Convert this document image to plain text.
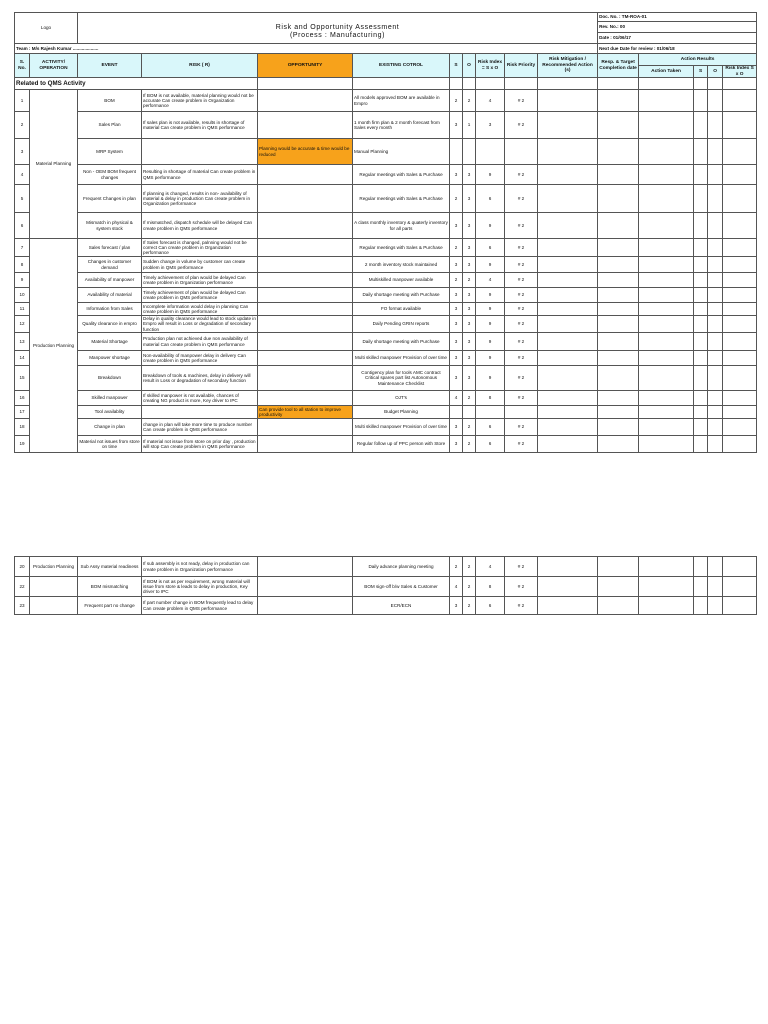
Logo											Doc. No. : TM-ROA-01				

		Risk and Opportunity Assessment
(Process : Manufacturing)									Rev. No.: 00				
											Date : 01/06/17				
Team : M/s Rajesh Kumar ....................											Next due Date for review : 01/06/18				
S. No.	ACTIVITY/ OPERATION	EVENT	RISK ( R)	OPPORTUNITY	EXISTING COTROL	S	O	Risk Index = S x O	Risk Priority	Risk Mitigation / Recommended Action (s)	Resp. & Target Completion date	Action Results			
												Action Taken	S	O	Risk Index S x O
Related to QMS Activity															
1	Material Planning	BOM	If BOM is not available, material planning would not be accurate Can create problem in Organization performance		All models approved BOM are available in Empro	2	2	4	# 2						
2		Sales Plan	If sales plan is not available, results in shortage of material Can create problem in QMS performance		1 month firm plan & 2 month forecast from Sales every month	3	1	3	# 2						
3		MRP System		Planning would be accurate & time would be reduced	Manual Planning										
4		Non - OEM BOM frequent changes	Resulting in shortage of material Can create problem in QMS performance		Regular meetings with Sales & Purchase	3	3	9	# 2						
5		Frequent Changes in plan	If planning is changed, results in non- availability of material & delay in production Can create problem in Organization performance		Regular meetings with Sales & Purchase	2	3	6	# 2						
6		Mismatch in physical & system stock	If mismatched, dispatch schedule will be delayed Can create problem in QMS performance		A class monthly inventory & quaterly inventory for all parts	3	3	9	# 2						
7	Production Planning	Sales forecast / plan	If Sales forecast is changed, palnning would not be correct Can create problem in Organization performance		Regular meetings with Sales & Purchase	2	3	6	# 2						
8		Changes in customer demand	Sudden change in volume by customer can create problem in QMS performance		2 month inventory stock maintained	3	3	9	# 2						
9		Availability of manpower	Timely achievement of plan would be delayed Can create problem in Organization performance		Multiskilled manpower available	2	2	4	# 2						
10		Availability of material	Timely achievement of plan would be delayed Can create problem in QMS performance		Daily shortage meeting with Purchase	3	3	9	# 2						
11		Information from Sales	Incomplete information would delay in planning Can create problem in QMS performance		FO format available	3	3	9	# 2						
12		Quality clearance in empro	Delay in quality clearance would lead to stock update in Empro will result in Loss or degradation of secondary function		Daily Pending GRIN reports	3	3	9	# 2						
13		Material Shortage	Production plan not achieved due non availability of material Can create problem in QMS performance		Daily shortage meeting with Purchase	3	3	9	# 2						
14		Manpower shortage	Non-availability of manpower delay in delivery Can create problem in QMS performance		Multi skilled manpower Provision of over time	3	3	9	# 2						
15		Breakdown	Breakdown of tools & machines, delay in delivery will result in Loss or degradation of secondary function		Contigency plan for tools AMC contract Critical spares part list Autonomous Maintenance Checklist	3	3	9	# 2						
16		Skilled manpower	If skilled manpower is not available, chances of creating NG product is more, Key driver to IPC		OJT's	4	2	8	# 2						
17		Tool availablity		Can provide tool to all station to improve productivity	Budget Planning										
18		Change in plan	change in plan will take more time to produce number Can create problem in QMS performance		Multi skilled manpower Provision of over time	3	2	6	# 2						
19		Material not issues from store on time	If material not issue from store on prior day , production will stop Can create problem in QMS performance		Regular follow up of PPC person with Store	3	2	6	# 2						
20	Production Planning	Sub Assy material readiness	If sub assembly is not ready, delay in production can create problem in Organization performance		Daily advance planning meeting	2	2	4	# 2						
22		BOM mismatching	If BOM is not as per requirement, wrong material will issue from store & leads to delay in production, Key driver to IPC		BOM sign-off b/w Sales & Customer	4	2	8	# 2						
23		Frequent part no change	If part number change in BOM frequently lead to delay Can create problem in QMS performance		ECR/ECN	3	2	6	# 2						
